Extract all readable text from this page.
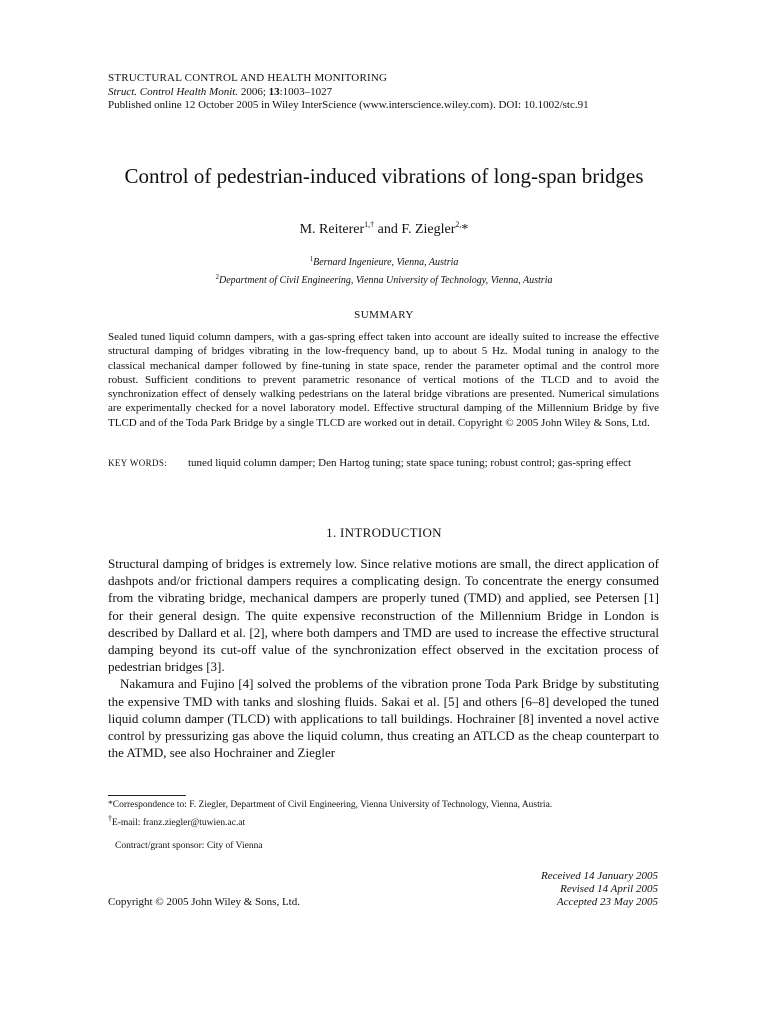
STRUCTURAL CONTROL AND HEALTH MONITORING
Struct. Control Health Monit. 2006; 13:1003–1027
Published online 12 October 2005 in Wiley InterScience (www.interscience.wiley.com). DOI: 10.1002/stc.91
Control of pedestrian-induced vibrations of long-span bridges
M. Reiterer$^{1,\dagger}$ and F. Ziegler$^{2,}$*
$^1$Bernard Ingenieure, Vienna, Austria
$^2$Department of Civil Engineering, Vienna University of Technology, Vienna, Austria
SUMMARY
Sealed tuned liquid column dampers, with a gas-spring effect taken into account are ideally suited to increase the effective structural damping of bridges vibrating in the low-frequency band, up to about 5 Hz. Modal tuning in analogy to the classical mechanical damper followed by fine-tuning in state space, render the parameter optimal and the control more robust. Sufficient conditions to prevent parametric resonance of vertical motions of the TLCD and to avoid the synchronization effect of densely walking pedestrians on the lateral bridge vibrations are presented. Numerical simulations are experimentally checked for a novel laboratory model. Effective structural damping of the Millennium Bridge by five TLCD and of the Toda Park Bridge by a single TLCD are worked out in detail. Copyright © 2005 John Wiley & Sons, Ltd.
KEY WORDS: tuned liquid column damper; Den Hartog tuning; state space tuning; robust control; gas-spring effect
1. INTRODUCTION

Structural damping of bridges is extremely low. Since relative motions are small, the direct application of dashpots and/or frictional dampers requires a complicating design. To concentrate the energy consumed from the vibrating bridge, mechanical dampers are properly tuned (TMD) and applied, see Petersen [1] for their general design. The quite expensive reconstruction of the Millennium Bridge in London is described by Dallard et al. [2], where both dampers and TMD are used to increase the effective structural damping beyond its cut-off value of the synchronization effect observed in the excitation process of pedestrian bridges [3].

Nakamura and Fujino [4] solved the problems of the vibration prone Toda Park Bridge by substituting the expensive TMD with tanks and sloshing fluids. Sakai et al. [5] and others [6–8] developed the tuned liquid column damper (TLCD) with applications to tall buildings. Hochrainer [8] invented a novel active control by pressurizing gas above the liquid column, thus creating an ATLCD as the cheap counterpart to the ATMD, see also Hochrainer and Ziegler

*Correspondence to: F. Ziegler, Department of Civil Engineering, Vienna University of Technology, Vienna, Austria.
†E-mail: franz.ziegler@tuwien.ac.at
Contract/grant sponsor: City of Vienna
Copyright © 2005 John Wiley & Sons, Ltd.
Received 14 January 2005
Revised 14 April 2005
Accepted 23 May 2005
